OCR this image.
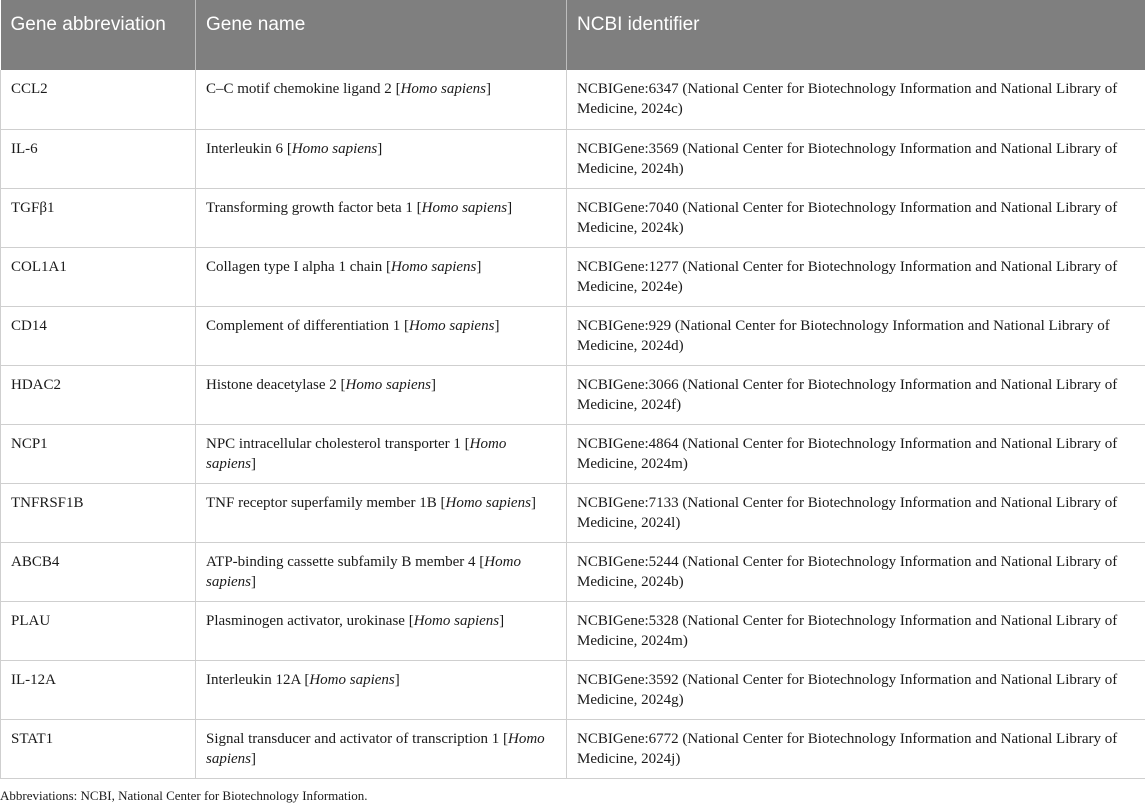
Gene abbreviation	Gene name	NCBI identifier
CCL2	C–C motif chemokine ligand 2 [Homo sapiens]	NCBIGene:6347 (National Center for Biotechnology Information and National Library of Medicine, 2024c)
IL-6	Interleukin 6 [Homo sapiens]	NCBIGene:3569 (National Center for Biotechnology Information and National Library of Medicine, 2024h)
TGFβ1	Transforming growth factor beta 1 [Homo sapiens]	NCBIGene:7040 (National Center for Biotechnology Information and National Library of Medicine, 2024k)
COL1A1	Collagen type I alpha 1 chain [Homo sapiens]	NCBIGene:1277 (National Center for Biotechnology Information and National Library of Medicine, 2024e)
CD14	Complement of differentiation 1 [Homo sapiens]	NCBIGene:929 (National Center for Biotechnology Information and National Library of Medicine, 2024d)
HDAC2	Histone deacetylase 2 [Homo sapiens]	NCBIGene:3066 (National Center for Biotechnology Information and National Library of Medicine, 2024f)
NCP1	NPC intracellular cholesterol transporter 1 [Homo sapiens]	NCBIGene:4864 (National Center for Biotechnology Information and National Library of Medicine, 2024m)
TNFRSF1B	TNF receptor superfamily member 1B [Homo sapiens]	NCBIGene:7133 (National Center for Biotechnology Information and National Library of Medicine, 2024l)
ABCB4	ATP-binding cassette subfamily B member 4 [Homo sapiens]	NCBIGene:5244 (National Center for Biotechnology Information and National Library of Medicine, 2024b)
PLAU	Plasminogen activator, urokinase [Homo sapiens]	NCBIGene:5328 (National Center for Biotechnology Information and National Library of Medicine, 2024m)
IL-12A	Interleukin 12A [Homo sapiens]	NCBIGene:3592 (National Center for Biotechnology Information and National Library of Medicine, 2024g)
STAT1	Signal transducer and activator of transcription 1 [Homo sapiens]	NCBIGene:6772 (National Center for Biotechnology Information and National Library of Medicine, 2024j)
Abbreviations: NCBI, National Center for Biotechnology Information.
